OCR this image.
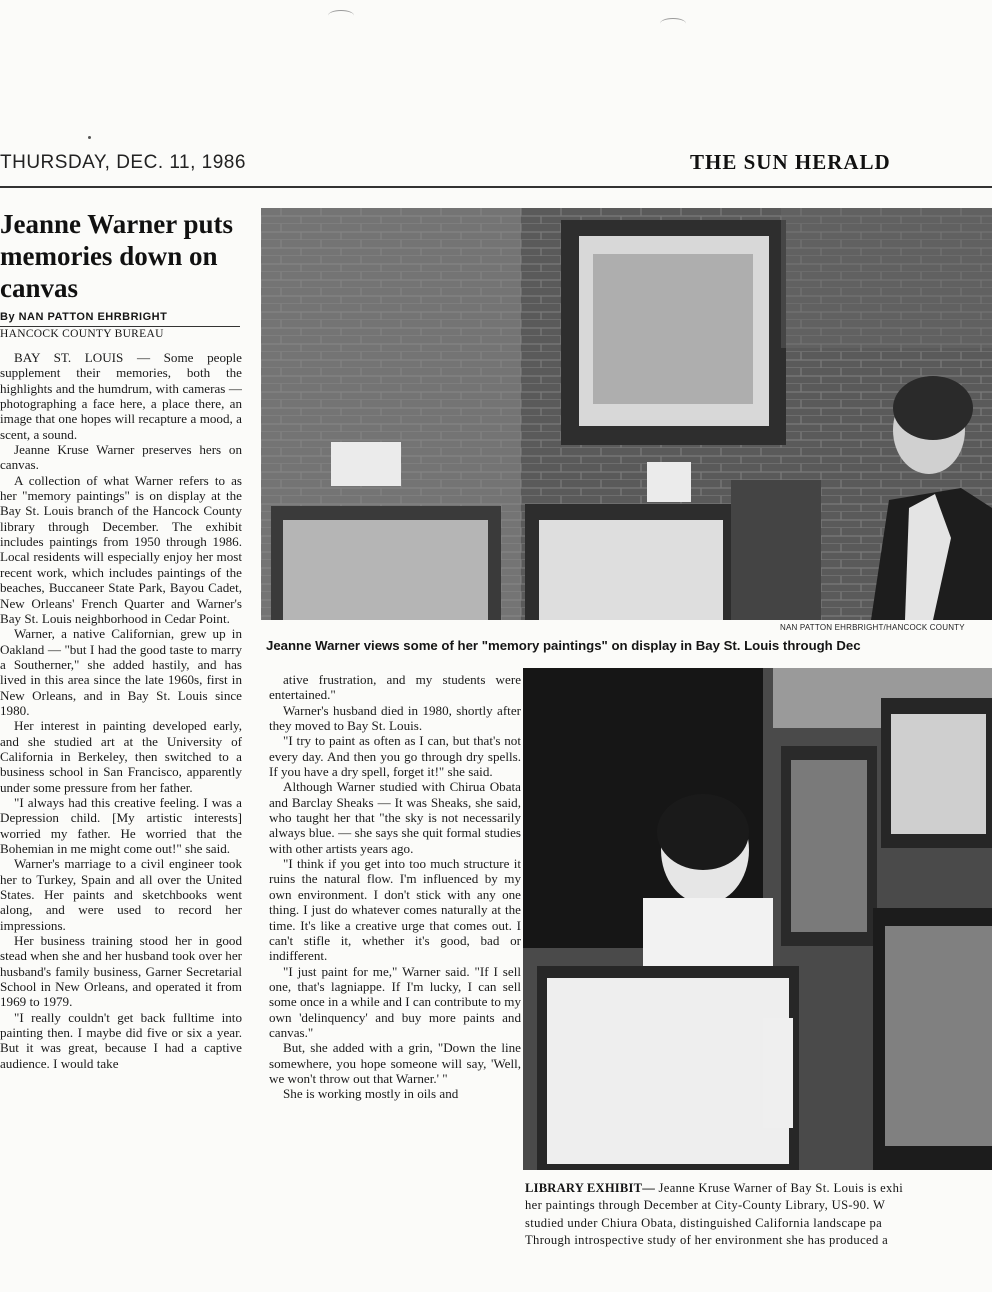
THURSDAY, DEC. 11, 1986	THE SUN HERALD
Jeanne Warner puts memories down on canvas
By NAN PATTON EHRBRIGHT
HANCOCK COUNTY BUREAU

BAY ST. LOUIS — Some people supplement their memories, both the highlights and the humdrum, with cameras — photographing a face here, a place there, an image that one hopes will recapture a mood, a scent, a sound.

Jeanne Kruse Warner preserves hers on canvas.

A collection of what Warner refers to as her "memory paintings" is on display at the Bay St. Louis branch of the Hancock County library through December. The exhibit includes paintings from 1950 through 1986. Local residents will especially enjoy her most recent work, which includes paintings of the beaches, Buccaneer State Park, Bayou Cadet, New Orleans' French Quarter and Warner's Bay St. Louis neighborhood in Cedar Point.

Warner, a native Californian, grew up in Oakland — "but I had the good taste to marry a Southerner," she added hastily, and has lived in this area since the late 1960s, first in New Orleans, and in Bay St. Louis since 1980.

Her interest in painting developed early, and she studied art at the University of California in Berkeley, then switched to a business school in San Francisco, apparently under some pressure from her father.

"I always had this creative feeling. I was a Depression child. [My artistic interests] worried my father. He worried that the Bohemian in me might come out!" she said.

Warner's marriage to a civil engineer took her to Turkey, Spain and all over the United States. Her paints and sketchbooks went along, and were used to record her impressions.

Her business training stood her in good stead when she and her husband took over her husband's family business, Garner Secretarial School in New Orleans, and operated it from 1969 to 1979.

"I really couldn't get back fulltime into painting then. I maybe did five or six a year. But it was great, because I had a captive audience. I would take

ative frustration, and my students were entertained."

Warner's husband died in 1980, shortly after they moved to Bay St. Louis.

"I try to paint as often as I can, but that's not every day. And then you go through dry spells. If you have a dry spell, forget it!" she said.

Although Warner studied with Chirua Obata and Barclay Sheaks — It was Sheaks, she said, who taught her that "the sky is not necessarily always blue. — she says she quit formal studies with other artists years ago.

"I think if you get into too much structure it ruins the natural flow. I'm influenced by my own environment. I don't stick with any one thing. I just do whatever comes naturally at the time. It's like a creative urge that comes out. I can't stifle it, whether it's good, bad or indifferent.

"I just paint for me," Warner said. "If I sell one, that's lagniappe. If I'm lucky, I can sell some once in a while and I can contribute to my own 'delinquency' and buy more paints and canvas."

But, she added with a grin, "Down the line somewhere, you hope someone will say, 'Well, we won't throw out that Warner.' "

She is working mostly in oils and

NAN PATTON EHRBRIGHT/HANCOCK COUNTY
Jeanne Warner views some of her "memory paintings" on display in Bay St. Louis through Dec
LIBRARY EXHIBIT— Jeanne Kruse Warner of Bay St. Louis is exhi
her paintings through December at City-County Library, US-90. W
studied under Chiura Obata, distinguished California landscape pa
Through introspective study of her environment she has produced a
